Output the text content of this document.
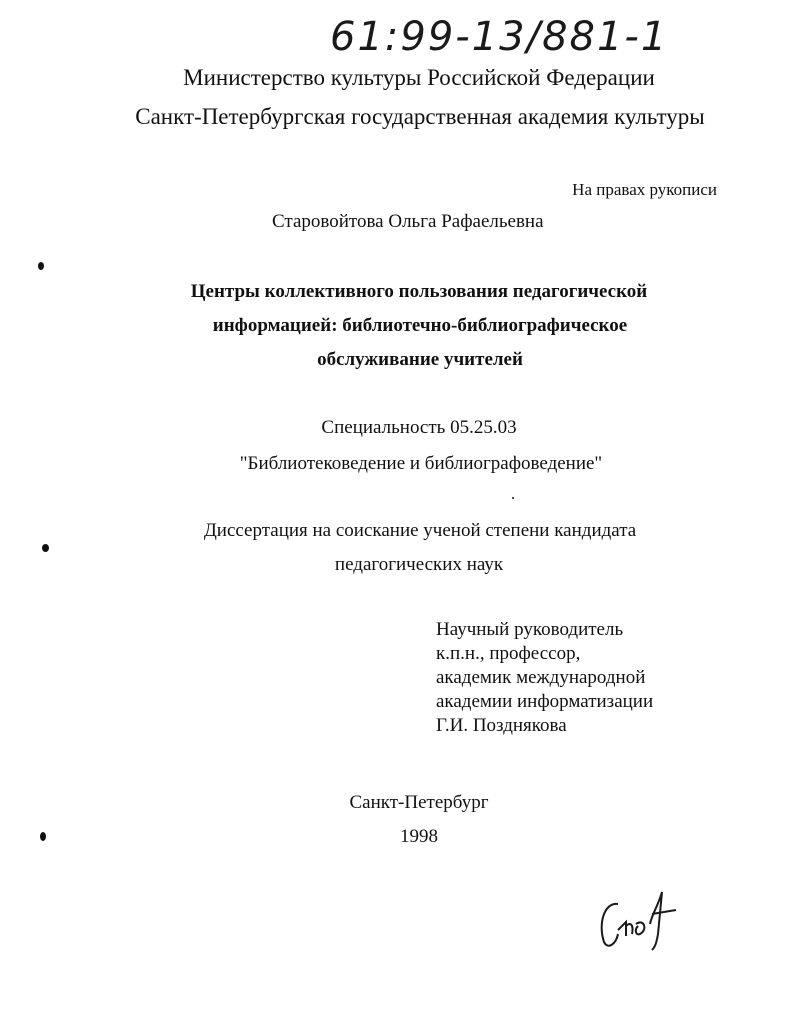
61:99-13/881-1
Министерство культуры Российской Федерации
Санкт-Петербургская государственная академия культуры
На правах рукописи
Старовойтова Ольга Рафаельевна
Центры коллективного пользования педагогической
информацией: библиотечно-библиографическое
обслуживание учителей
Специальность 05.25.03
"Библиотековедение и библиографоведение"
Диссертация на соискание ученой степени кандидата
педагогических наук
Научный руководитель
к.п.н., профессор,
академик международной
академии информатизации
Г.И. Позднякова
Санкт-Петербург
1998
